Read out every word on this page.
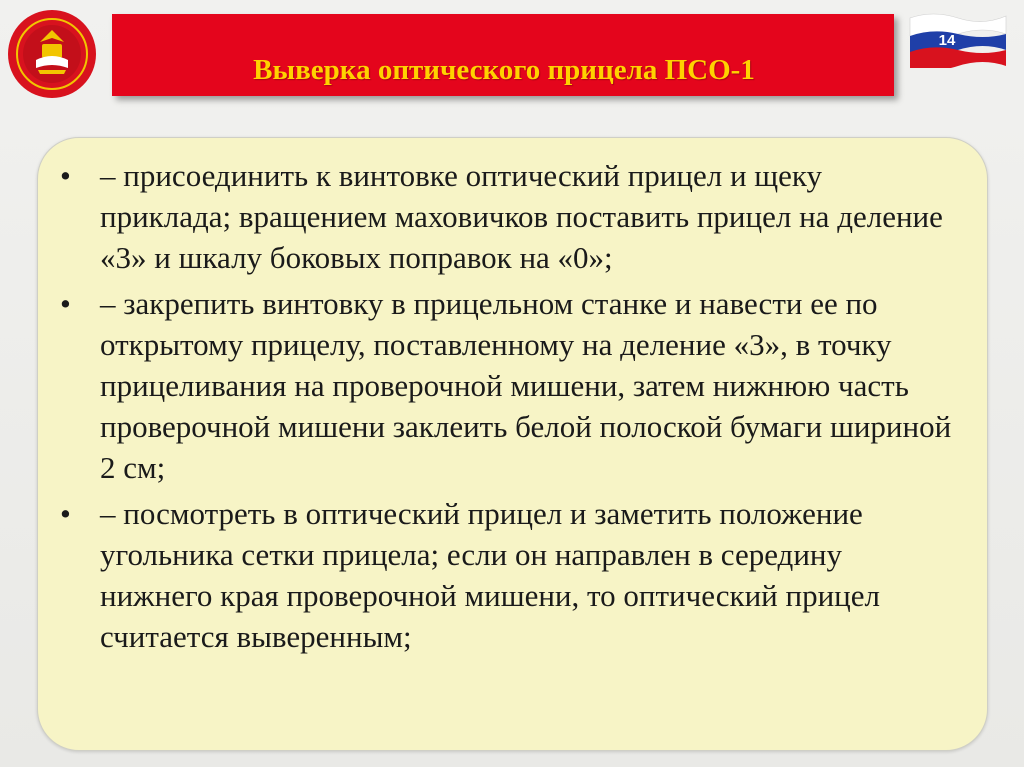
Выверка оптического прицела ПСО-1
14
• – присоединить к винтовке оптический прицел и щеку приклада; вращением маховичков поставить прицел на деление «3» и шкалу боковых поправок на «0»;
• – закрепить винтовку в прицельном станке и навести ее по открытому прицелу, поставленному на деление «3», в точку прицеливания на проверочной мишени, затем нижнюю часть проверочной мишени заклеить белой полоской бумаги шириной 2 см;
• – посмотреть в оптический прицел и заметить положение угольника сетки прицела; если он направлен в середину нижнего края проверочной мишени, то оптический прицел считается выверенным;
